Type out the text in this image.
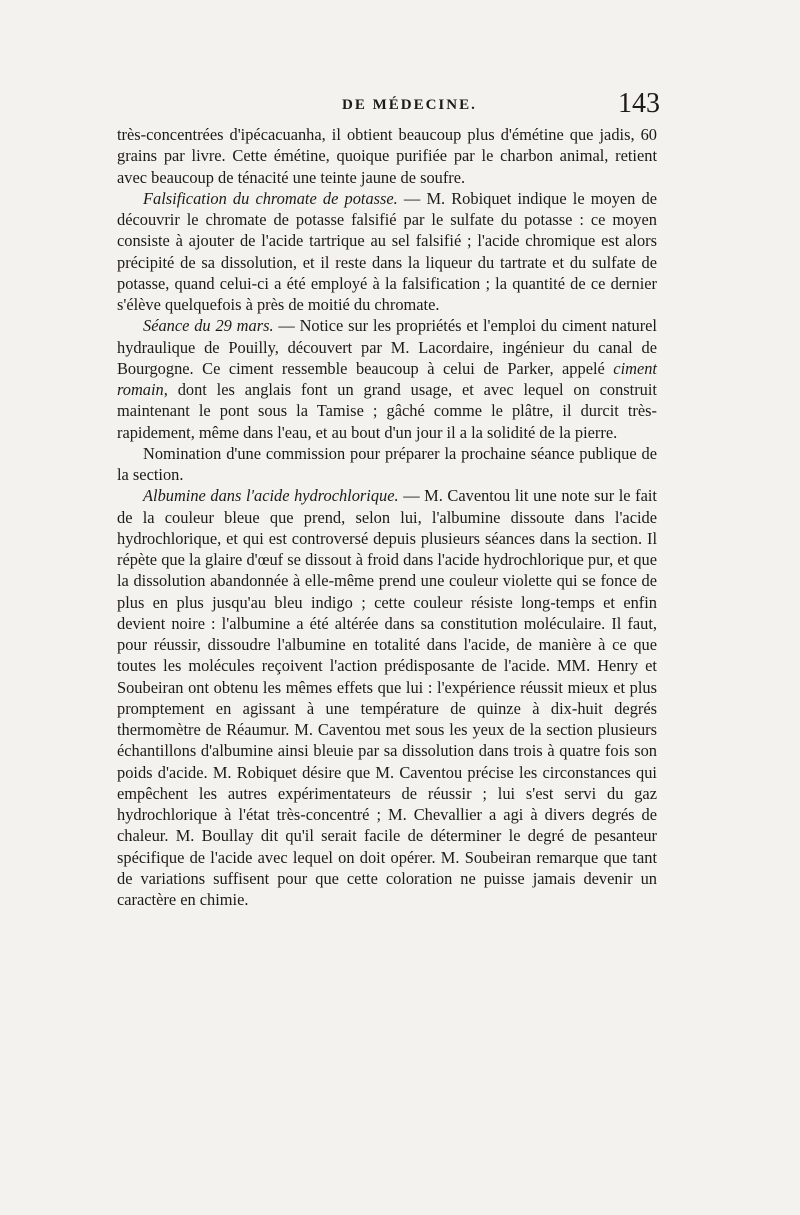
DE MÉDECINE.	143

très-concentrées d'ipécacuanha, il obtient beaucoup plus d'émétine que jadis, 60 grains par livre. Cette émétine, quoique purifiée par le charbon animal, retient avec beaucoup de ténacité une teinte jaune de soufre.

Falsification du chromate de potasse. — M. Robiquet indique le moyen de découvrir le chromate de potasse falsifié par le sulfate du potasse : ce moyen consiste à ajouter de l'acide tartrique au sel falsifié ; l'acide chromique est alors précipité de sa dissolution, et il reste dans la liqueur du tartrate et du sulfate de potasse, quand celui-ci a été employé à la falsification ; la quantité de ce dernier s'élève quelquefois à près de moitié du chromate.

Séance du 29 mars. — Notice sur les propriétés et l'emploi du ciment naturel hydraulique de Pouilly, découvert par M. Lacordaire, ingénieur du canal de Bourgogne. Ce ciment ressemble beaucoup à celui de Parker, appelé ciment romain, dont les anglais font un grand usage, et avec lequel on construit maintenant le pont sous la Tamise ; gâché comme le plâtre, il durcit très-rapidement, même dans l'eau, et au bout d'un jour il a la solidité de la pierre.

Nomination d'une commission pour préparer la prochaine séance publique de la section.

Albumine dans l'acide hydrochlorique. — M. Caventou lit une note sur le fait de la couleur bleue que prend, selon lui, l'albumine dissoute dans l'acide hydrochlorique, et qui est controversé depuis plusieurs séances dans la section. Il répète que la glaire d'œuf se dissout à froid dans l'acide hydrochlorique pur, et que la dissolution abandonnée à elle-même prend une couleur violette qui se fonce de plus en plus jusqu'au bleu indigo ; cette couleur résiste long-temps et enfin devient noire : l'albumine a été altérée dans sa constitution moléculaire. Il faut, pour réussir, dissoudre l'albumine en totalité dans l'acide, de manière à ce que toutes les molécules reçoivent l'action prédisposante de l'acide. MM. Henry et Soubeiran ont obtenu les mêmes effets que lui : l'expérience réussit mieux et plus promptement en agissant à une température de quinze à dix-huit degrés thermomètre de Réaumur. M. Caventou met sous les yeux de la section plusieurs échantillons d'albumine ainsi bleuie par sa dissolution dans trois à quatre fois son poids d'acide. M. Robiquet désire que M. Caventou précise les circonstances qui empêchent les autres expérimentateurs de réussir ; lui s'est servi du gaz hydrochlorique à l'état très-concentré ; M. Chevallier a agi à divers degrés de chaleur. M. Boullay dit qu'il serait facile de déterminer le degré de pesanteur spécifique de l'acide avec lequel on doit opérer. M. Soubeiran remarque que tant de variations suffisent pour que cette coloration ne puisse jamais devenir un caractère en chimie.
